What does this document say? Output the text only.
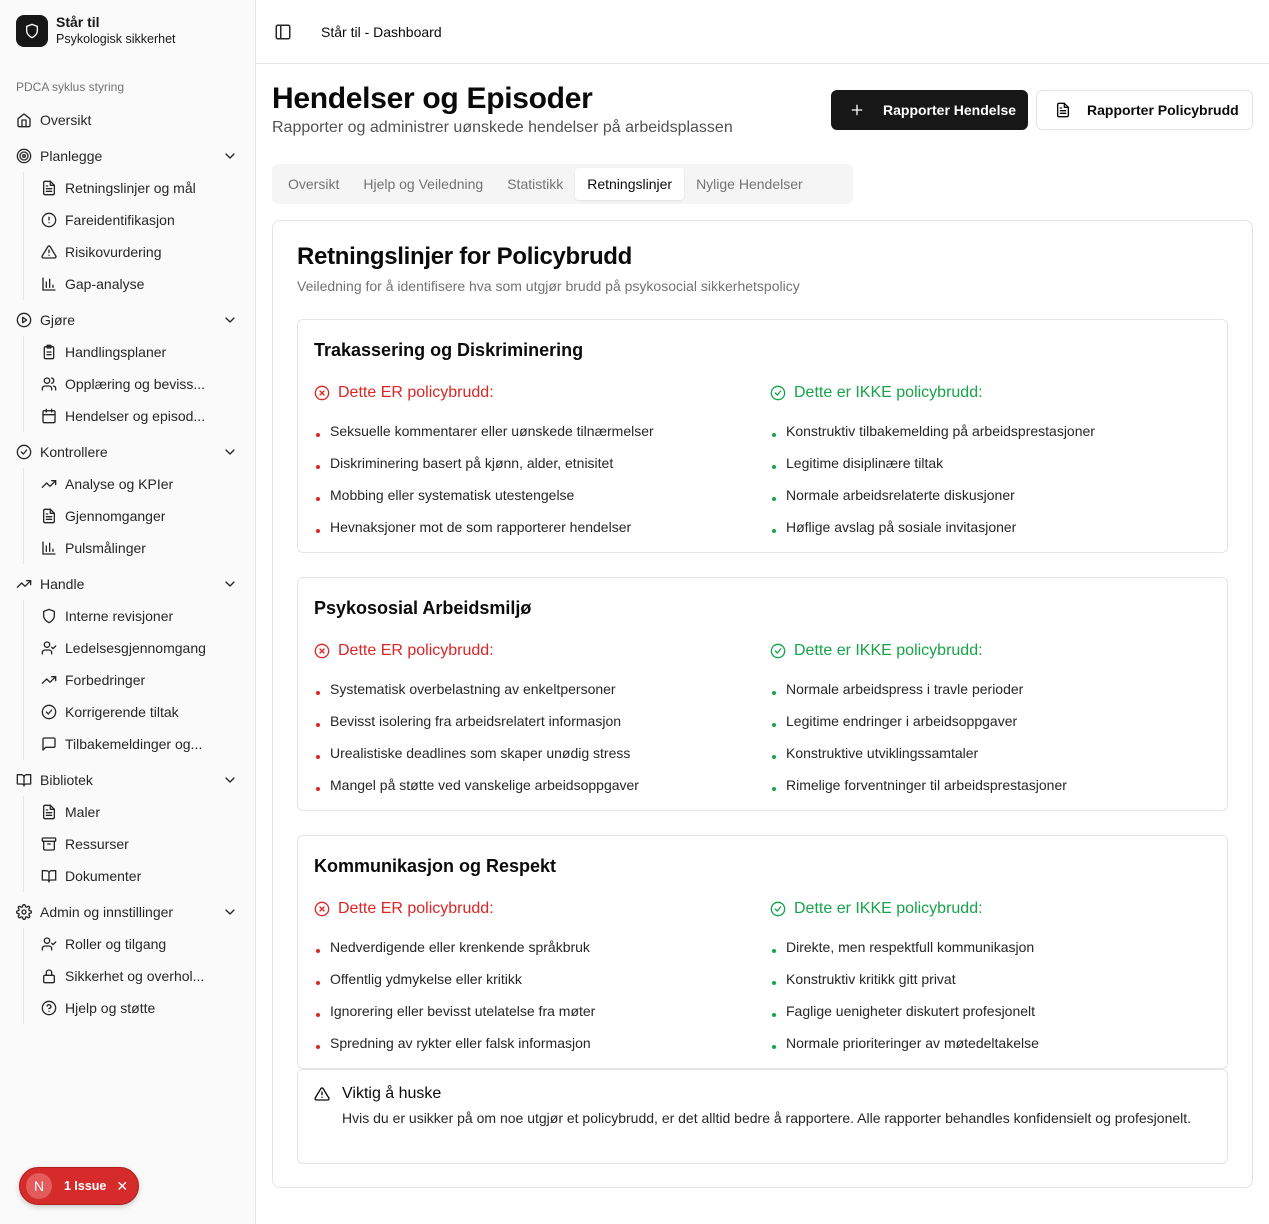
Står til
Psykologisk sikkerhet
PDCA syklus styring
Oversikt
Planlegge
Retningslinjer og mål
Fareidentifikasjon
Risikovurdering
Gap-analyse
Gjøre
Handlingsplaner
Opplæring og beviss...
Hendelser og episod...
Kontrollere
Analyse og KPIer
Gjennomganger
Pulsmålinger
Handle
Interne revisjoner
Ledelsesgjennomgang
Forbedringer
Korrigerende tiltak
Tilbakemeldinger og...
Bibliotek
Maler
Ressurser
Dokumenter
Admin og innstillinger
Roller og tilgang
Sikkerhet og overhol...
Hjelp og støtte
N	1 Issue ✕
Står til - Dashboard
Hendelser og Episoder

Rapporter og administrer uønskede hendelser på arbeidsplassen

Rapporter Hendelse	Rapporter Policybrudd
Oversikt	Hjelp og Veiledning	Statistikk	Retningslinjer	Nylige Hendelser
Retningslinjer for Policybrudd

Veiledning for å identifisere hva som utgjør brudd på psykosocial sikkerhetspolicy

Trakassering og Diskriminering
Dette ER policybrudd:
Seksuelle kommentarer eller uønskede tilnærmelser
Diskriminering basert på kjønn, alder, etnisitet
Mobbing eller systematisk utestengelse
Hevnaksjoner mot de som rapporterer hendelser
Dette er IKKE policybrudd:
Konstruktiv tilbakemelding på arbeidsprestasjoner
Legitime disiplinære tiltak
Normale arbeidsrelaterte diskusjoner
Høflige avslag på sosiale invitasjoner
Psykososial Arbeidsmiljø
Dette ER policybrudd:
Systematisk overbelastning av enkeltpersoner
Bevisst isolering fra arbeidsrelatert informasjon
Urealistiske deadlines som skaper unødig stress
Mangel på støtte ved vanskelige arbeidsoppgaver
Dette er IKKE policybrudd:
Normale arbeidspress i travle perioder
Legitime endringer i arbeidsoppgaver
Konstruktive utviklingssamtaler
Rimelige forventninger til arbeidsprestasjoner
Kommunikasjon og Respekt
Dette ER policybrudd:
Nedverdigende eller krenkende språkbruk
Offentlig ydmykelse eller kritikk
Ignorering eller bevisst utelatelse fra møter
Spredning av rykter eller falsk informasjon
Dette er IKKE policybrudd:
Direkte, men respektfull kommunikasjon
Konstruktiv kritikk gitt privat
Faglige uenigheter diskutert profesjonelt
Normale prioriteringer av møtedeltakelse
Viktig å huske
Hvis du er usikker på om noe utgjør et policybrudd, er det alltid bedre å rapportere. Alle rapporter behandles konfidensielt og profesjonelt.
